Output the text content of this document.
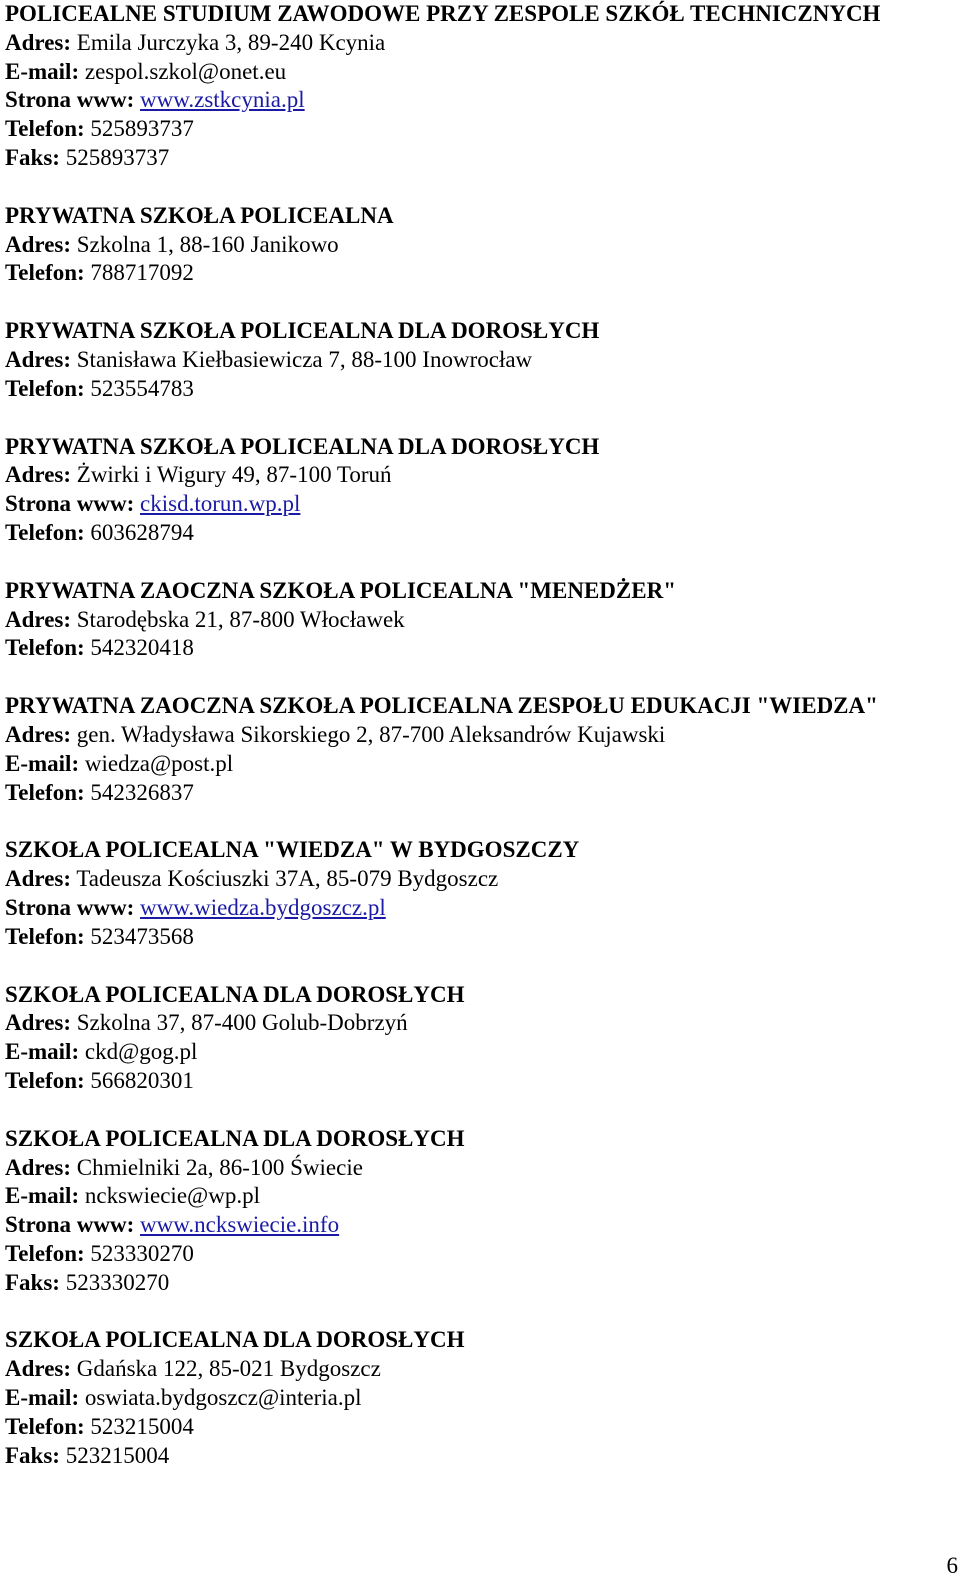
POLICEALNE STUDIUM ZAWODOWE PRZY ZESPOLE SZKÓŁ TECHNICZNYCH
Adres: Emila Jurczyka 3, 89-240 Kcynia
E-mail: zespol.szkol@onet.eu
Strona www: www.zstkcynia.pl
Telefon: 525893737
Faks: 525893737
PRYWATNA SZKOŁA POLICEALNA
Adres: Szkolna 1, 88-160 Janikowo
Telefon: 788717092
PRYWATNA SZKOŁA POLICEALNA DLA DOROSŁYCH
Adres: Stanisława Kiełbasiewicza 7, 88-100 Inowrocław
Telefon: 523554783
PRYWATNA SZKOŁA POLICEALNA DLA DOROSŁYCH
Adres: Żwirki i Wigury 49, 87-100 Toruń
Strona www: ckisd.torun.wp.pl
Telefon: 603628794
PRYWATNA ZAOCZNA SZKOŁA POLICEALNA "MENEDŻER"
Adres: Starodębska 21, 87-800 Włocławek
Telefon: 542320418
PRYWATNA ZAOCZNA SZKOŁA POLICEALNA ZESPOŁU EDUKACJI "WIEDZA"
Adres: gen. Władysława Sikorskiego 2, 87-700 Aleksandrów Kujawski
E-mail: wiedza@post.pl
Telefon: 542326837
SZKOŁA POLICEALNA "WIEDZA" W BYDGOSZCZY
Adres: Tadeusza Kościuszki 37A, 85-079 Bydgoszcz
Strona www: www.wiedza.bydgoszcz.pl
Telefon: 523473568
SZKOŁA POLICEALNA DLA DOROSŁYCH
Adres: Szkolna 37, 87-400 Golub-Dobrzyń
E-mail: ckd@gog.pl
Telefon: 566820301
SZKOŁA POLICEALNA DLA DOROSŁYCH
Adres: Chmielniki 2a, 86-100 Świecie
E-mail: nckswiecie@wp.pl
Strona www: www.nckswiecie.info
Telefon: 523330270
Faks: 523330270
SZKOŁA POLICEALNA DLA DOROSŁYCH
Adres: Gdańska 122, 85-021 Bydgoszcz
E-mail: oswiata.bydgoszcz@interia.pl
Telefon: 523215004
Faks: 523215004
6
